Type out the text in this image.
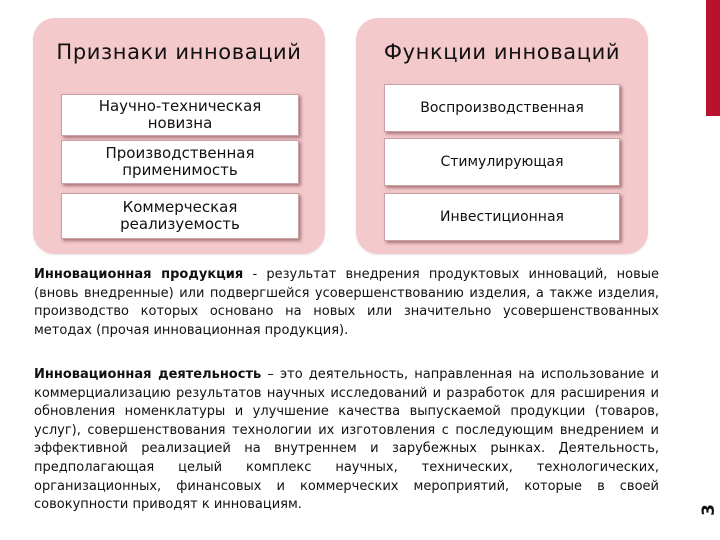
Признаки инноваций
Научно-техническая
новизна
Производственная
применимость
Коммерческая
реализуемость
Функции инноваций
Воспроизводственная
Стимулирующая
Инвестиционная
Инновационная продукция - результат внедрения продуктовых инноваций, новые (вновь внедренные) или подвергшейся усовершенствованию изделия, а также изделия, производство которых основано на новых или значительно усовершенствованных методах (прочая инновационная продукция).
Инновационная деятельность – это деятельность, направленная на использование и коммерциализацию результатов научных исследований и разработок для расширения и обновления номенклатуры и улучшение качества выпускаемой продукции (товаров, услуг), совершенствования технологии их изготовления с последующим внедрением и эффективной реализацией на внутреннем и зарубежных рынках. Деятельность, предполагающая целый комплекс научных, технических, технологических, организационных, финансовых и коммерческих мероприятий, которые в своей совокупности приводят к инновациям.	3
